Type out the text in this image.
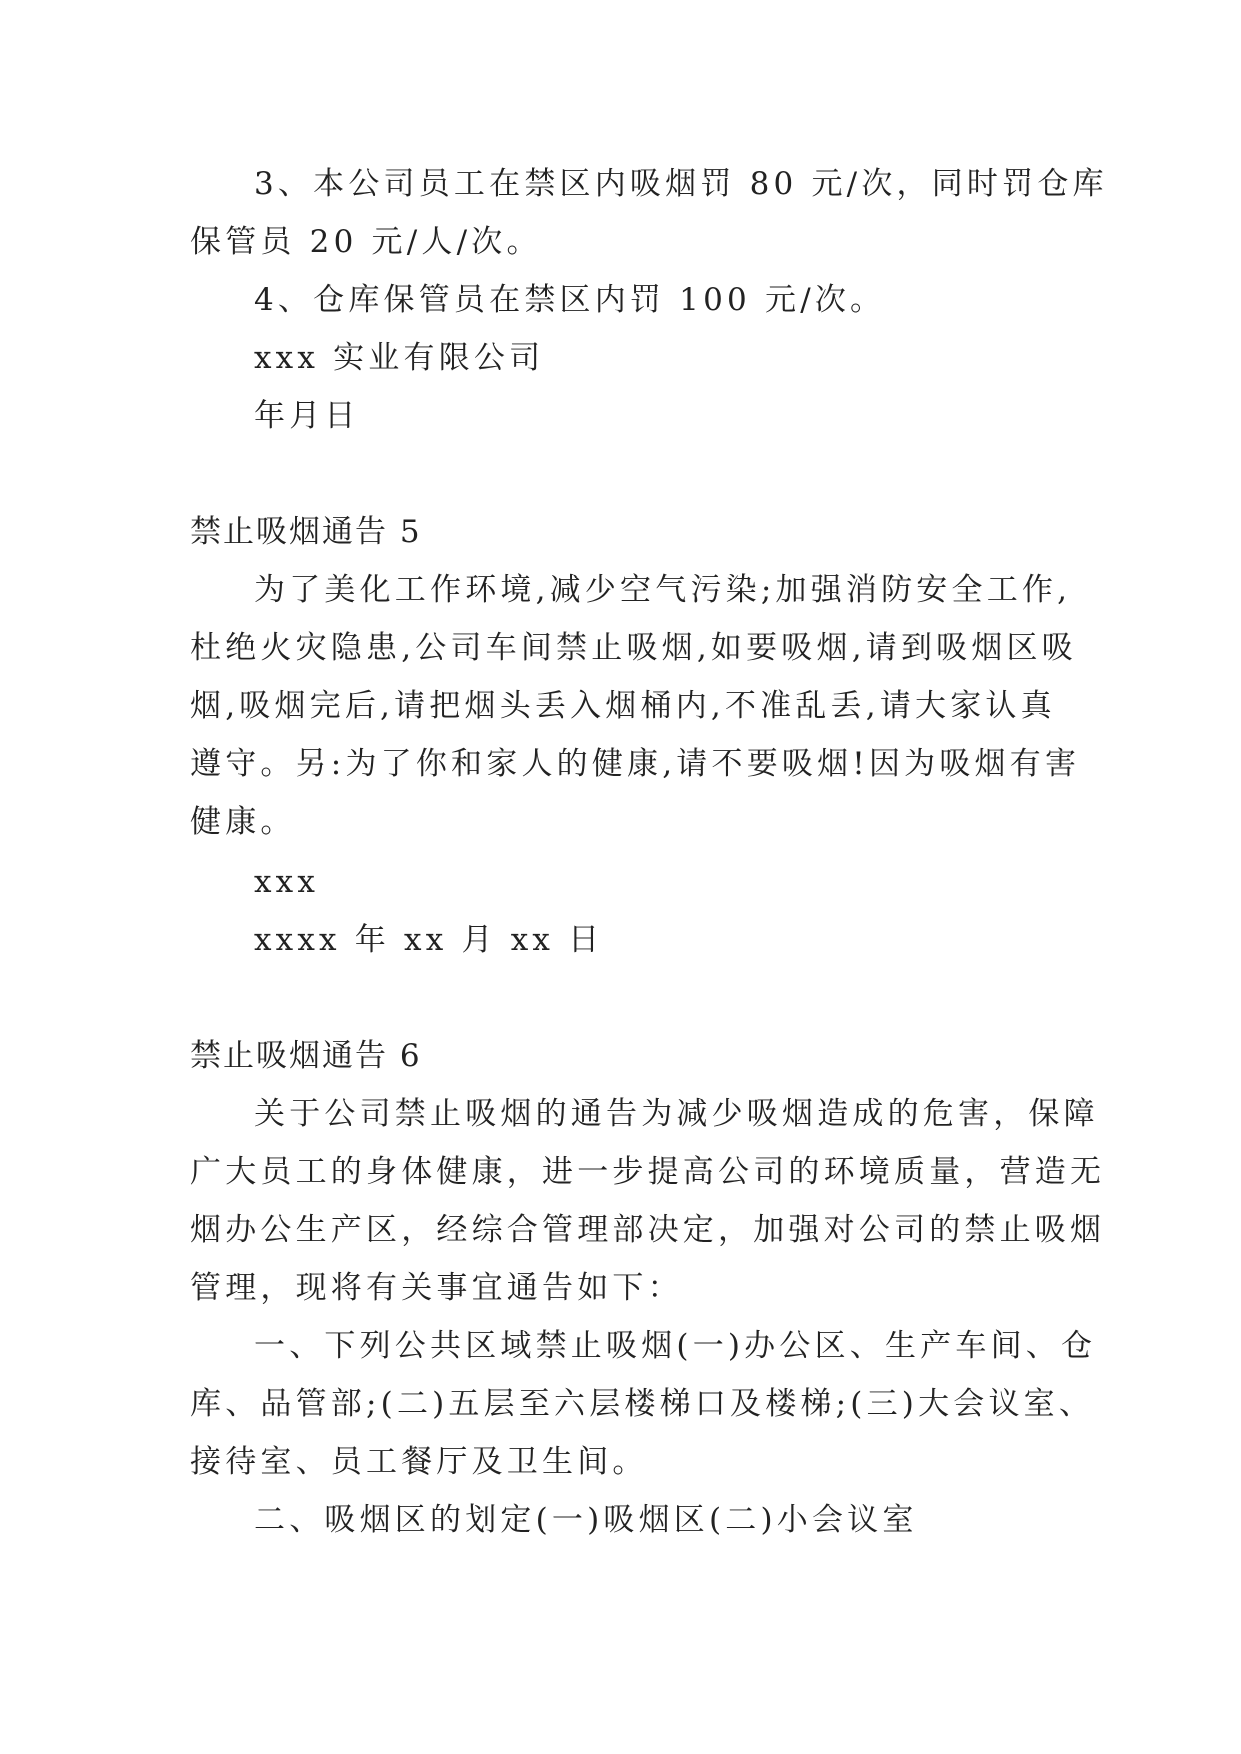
3、本公司员工在禁区内吸烟罚 80 元/次，同时罚仓库
保管员 20 元/人/次。
4、仓库保管员在禁区内罚 100 元/次。
xxx 实业有限公司
年月日
禁止吸烟通告 5
为了美化工作环境,减少空气污染;加强消防安全工作,
杜绝火灾隐患,公司车间禁止吸烟,如要吸烟,请到吸烟区吸
烟,吸烟完后,请把烟头丢入烟桶内,不准乱丢,请大家认真
遵守。另:为了你和家人的健康,请不要吸烟!因为吸烟有害
健康。
xxx
xxxx 年 xx 月 xx 日
禁止吸烟通告 6
关于公司禁止吸烟的通告为减少吸烟造成的危害，保障
广大员工的身体健康，进一步提高公司的环境质量，营造无
烟办公生产区，经综合管理部决定，加强对公司的禁止吸烟
管理，现将有关事宜通告如下：
一、下列公共区域禁止吸烟(一)办公区、生产车间、仓
库、品管部;(二)五层至六层楼梯口及楼梯;(三)大会议室、
接待室、员工餐厅及卫生间。
二、吸烟区的划定(一)吸烟区(二)小会议室
